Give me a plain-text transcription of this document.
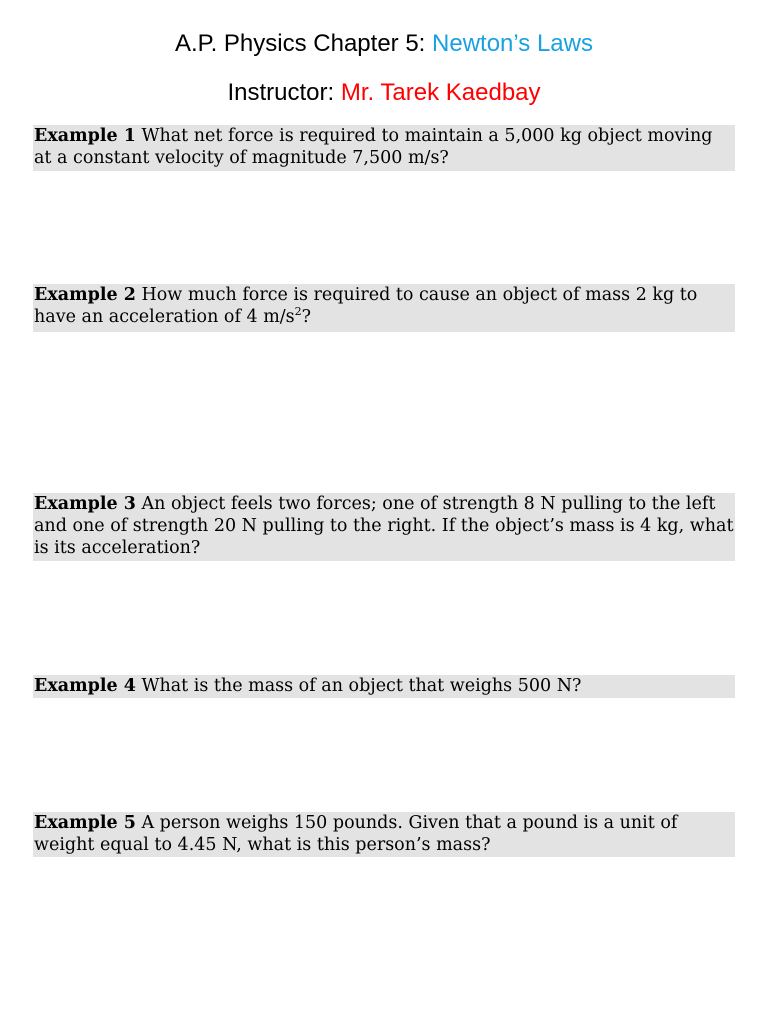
A.P. Physics Chapter 5: Newton’s Laws
Instructor: Mr. Tarek Kaedbay
Example 1 What net force is required to maintain a 5,000 kg object moving at a constant velocity of magnitude 7,500 m/s?
Example 2 How much force is required to cause an object of mass 2 kg to have an acceleration of 4 $m/s^2$?
Example 3 An object feels two forces; one of strength 8 N pulling to the left and one of strength 20 N pulling to the right. If the object’s mass is 4 kg, what is its acceleration?
Example 4 What is the mass of an object that weighs 500 N?
Example 5 A person weighs 150 pounds. Given that a pound is a unit of weight equal to 4.45 N, what is this person’s mass?
